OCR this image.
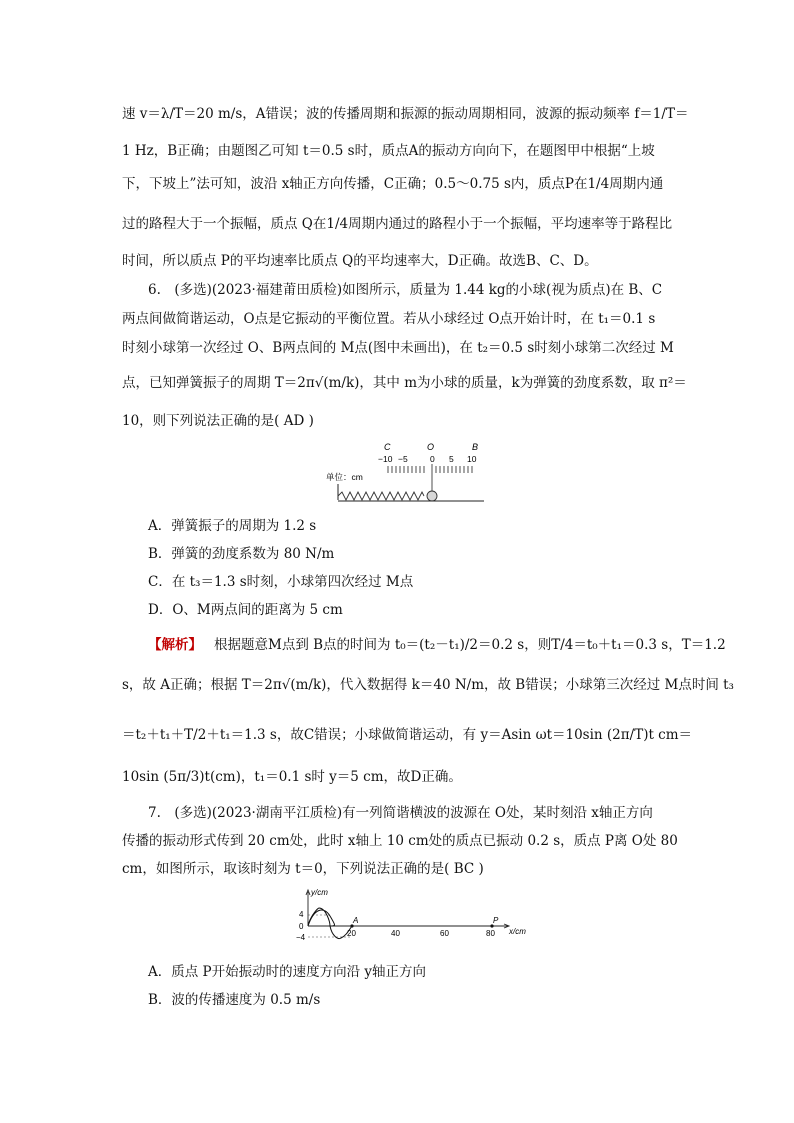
速 v＝λ/T＝20 m/s，A错误；波的传播周期和振源的振动周期相同，波源的振动频率 f＝1/T＝
1 Hz，B正确；由题图乙可知 t＝0.5 s时，质点A的振动方向向下，在题图甲中根据“上坡
下，下坡上”法可知，波沿 x轴正方向传播，C正确；0.5～0.75 s内，质点P在1/4周期内通
过的路程大于一个振幅，质点 Q在1/4周期内通过的路程小于一个振幅，平均速率等于路程比
时间，所以质点 P的平均速率比质点 Q的平均速率大，D正确。故选B、C、D。
6.　(多选)(2023·福建莆田质检)如图所示，质量为 1.44 kg的小球(视为质点)在 B、C
两点间做简谐运动，O点是它振动的平衡位置。若从小球经过 O点开始计时，在 t₁＝0.1 s
时刻小球第一次经过 O、B两点间的 M点(图中未画出)，在 t₂＝0.5 s时刻小球第二次经过 M
点，已知弹簧振子的周期 T＝2π√(m/k)，其中 m为小球的质量，k为弹簧的劲度系数，取 π²＝
10，则下列说法正确的是( AD )
C	O	B
−10 −5	0 5 10
单位：cm
A．弹簧振子的周期为 1.2 s
B．弹簧的劲度系数为 80 N/m
C．在 t₃＝1.3 s时刻，小球第四次经过 M点
D．O、M两点间的距离为 5 cm
【解析】 根据题意M点到 B点的时间为 t₀＝(t₂－t₁)/2＝0.2 s，则T/4＝t₀＋t₁＝0.3 s，T＝1.2
s，故 A正确；根据 T＝2π√(m/k)，代入数据得 k＝40 N/m，故 B错误；小球第三次经过 M点时间 t₃
＝t₂＋t₁＋T/2＋t₁＝1.3 s，故C错误；小球做简谐运动，有 y＝Asin ωt＝10sin (2π/T)t cm＝
10sin (5π/3)t(cm)，t₁＝0.1 s时 y＝5 cm，故D正确。
7.　(多选)(2023·湖南平江质检)有一列简谐横波的波源在 O处，某时刻沿 x轴正方向
传播的振动形式传到 20 cm处，此时 x轴上 10 cm处的质点已振动 0.2 s，质点 P离 O处 80
cm，如图所示，取该时刻为 t＝0，下列说法正确的是( BC )
y/cm
x/cm
4
0
−4
A
20	40	60	80
P
A．质点 P开始振动时的速度方向沿 y轴正方向
B．波的传播速度为 0.5 m/s
